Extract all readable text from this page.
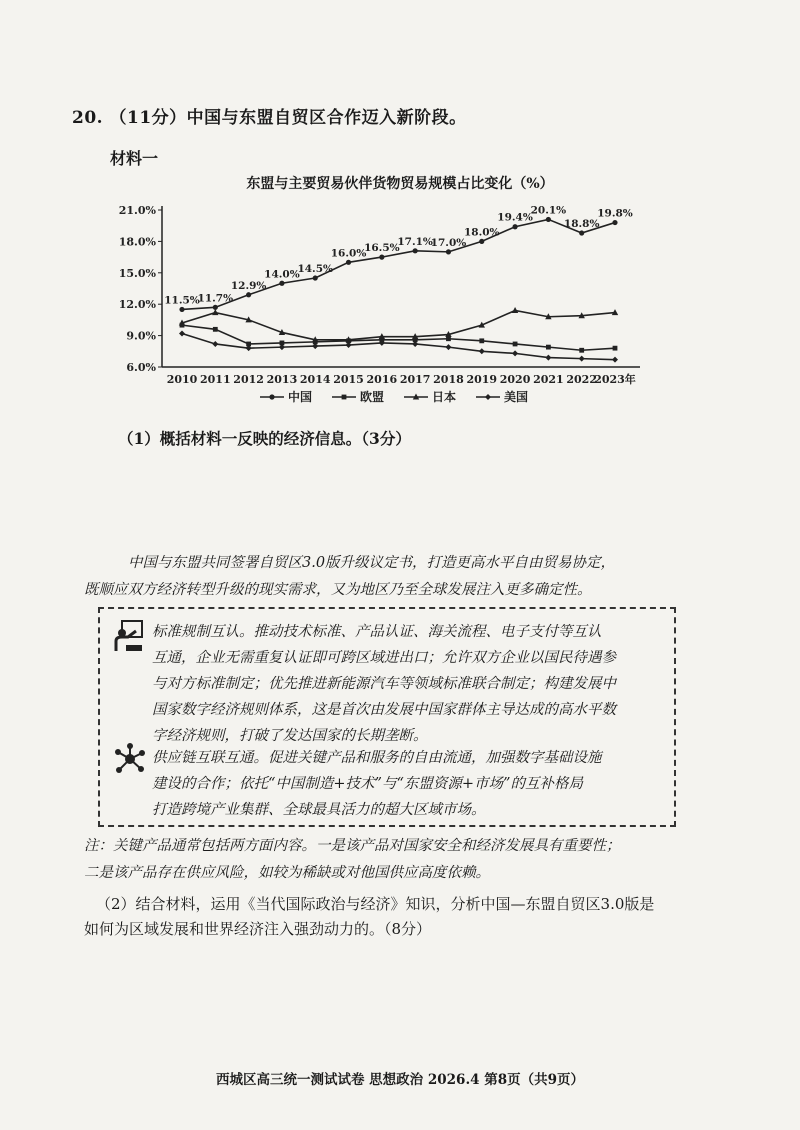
20. （11分）中国与东盟自贸区合作迈入新阶段。
材料一
东盟与主要贸易伙伴货物贸易规模占比变化（%）
6.0%
9.0%
12.0%
15.0%
18.0%
21.0%
2010 2011 2012 2013 2014 2015 2016 2017 2018 2019 2020 2021 2022
2023年
11.5%
11.7%
12.9%
14.0%
14.5%
16.0%
16.5%
17.1%
17.0%
18.0%
19.4%
20.1%
18.8%
19.8%
中国	欧盟	日本	美国
（1）概括材料一反映的经济信息。（3分）
中国与东盟共同签署自贸区3.0版升级议定书，打造更高水平自由贸易协定，
既顺应双方经济转型升级的现实需求，又为地区乃至全球发展注入更多确定性。
标准规制互认。推动技术标准、产品认证、海关流程、电子支付等互认
互通，企业无需重复认证即可跨区域进出口；允许双方企业以国民待遇参
与对方标准制定；优先推进新能源汽车等领域标准联合制定；构建发展中
国家数字经济规则体系，这是首次由发展中国家群体主导达成的高水平数
字经济规则，打破了发达国家的长期垄断。
供应链互联互通。促进关键产品和服务的自由流通，加强数字基础设施
建设的合作；依托“中国制造+技术”与“东盟资源+市场”的互补格局
打造跨境产业集群、全球最具活力的超大区域市场。
注：关键产品通常包括两方面内容。一是该产品对国家安全和经济发展具有重要性；
二是该产品存在供应风险，如较为稀缺或对他国供应高度依赖。
（2）结合材料，运用《当代国际政治与经济》知识，分析中国—东盟自贸区3.0版是
如何为区域发展和世界经济注入强劲动力的。（8分）
西城区高三统一测试试卷 思想政治 2026.4 第8页（共9页）
